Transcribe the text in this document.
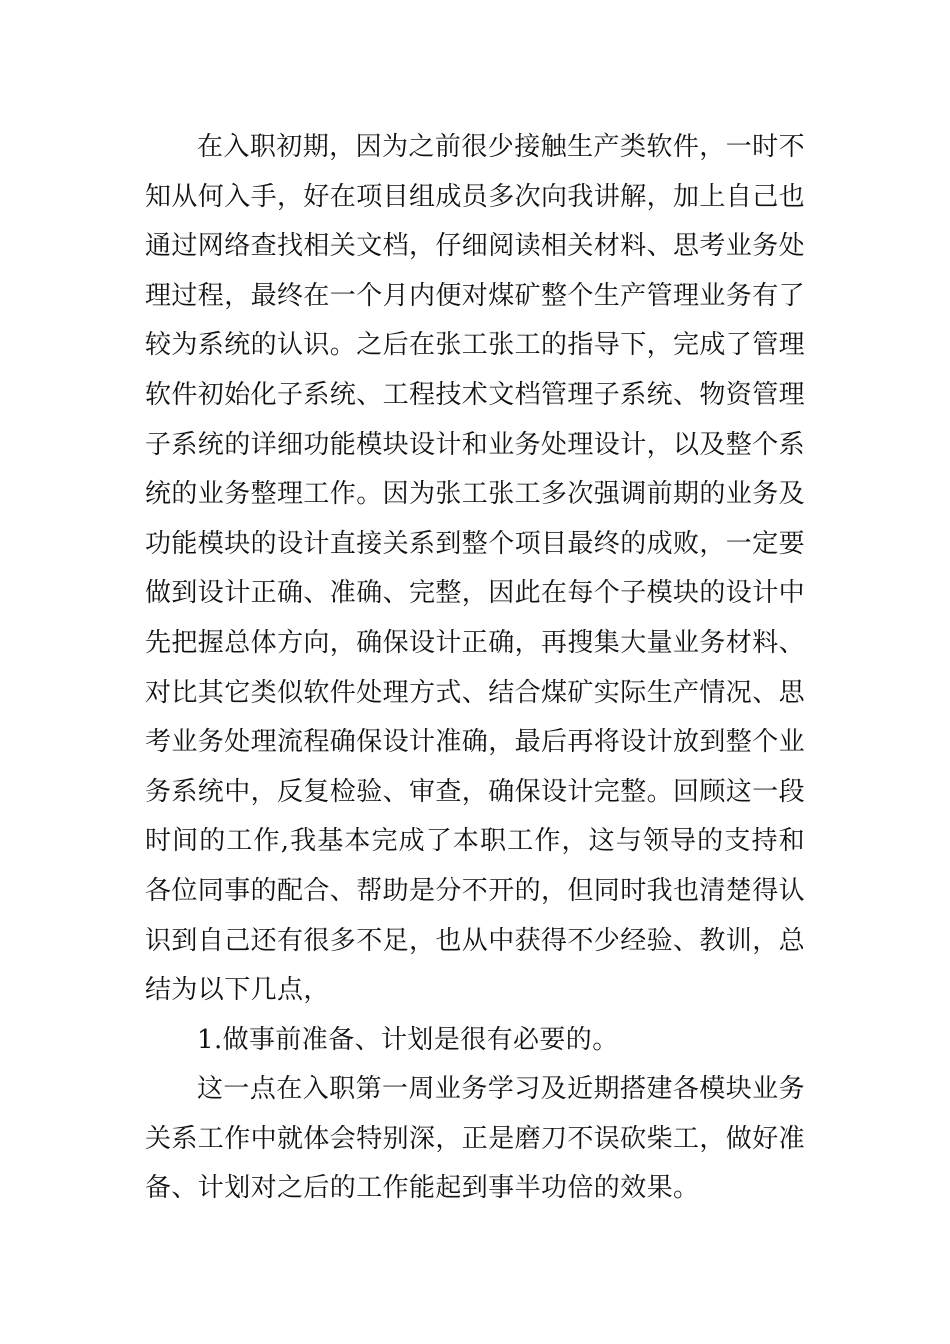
在入职初期，因为之前很少接触生产类软件，一时不知从何入手，好在项目组成员多次向我讲解，加上自己也通过网络查找相关文档，仔细阅读相关材料、思考业务处理过程，最终在一个月内便对煤矿整个生产管理业务有了较为系统的认识。之后在张工张工的指导下，完成了管理软件初始化子系统、工程技术文档管理子系统、物资管理子系统的详细功能模块设计和业务处理设计，以及整个系统的业务整理工作。因为张工张工多次强调前期的业务及功能模块的设计直接关系到整个项目最终的成败，一定要做到设计正确、准确、完整，因此在每个子模块的设计中先把握总体方向，确保设计正确，再搜集大量业务材料、对比其它类似软件处理方式、结合煤矿实际生产情况、思考业务处理流程确保设计准确，最后再将设计放到整个业务系统中，反复检验、审查，确保设计完整。回顾这一段时间的工作,我基本完成了本职工作，这与领导的支持和各位同事的配合、帮助是分不开的，但同时我也清楚得认识到自己还有很多不足，也从中获得不少经验、教训，总结为以下几点，

1.做事前准备、计划是很有必要的。

这一点在入职第一周业务学习及近期搭建各模块业务关系工作中就体会特别深，正是磨刀不误砍柴工，做好准备、计划对之后的工作能起到事半功倍的效果。
